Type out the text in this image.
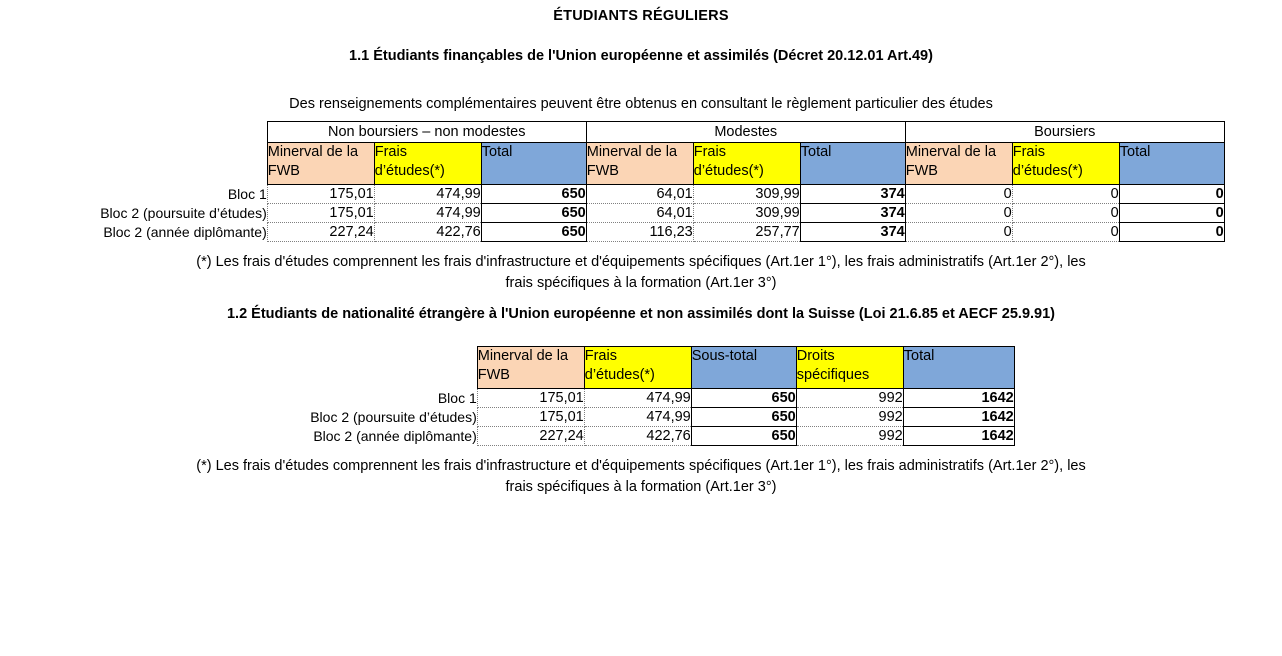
ÉTUDIANTS RÉGULIERS
1.1 Étudiants finançables de l'Union européenne et assimilés (Décret 20.12.01 Art.49)
Des renseignements complémentaires peuvent être obtenus en consultant le règlement particulier des études
	Non boursiers – non modestes			Modestes			Boursiers		
	Minerval de la FWB	Frais d’études(*)	Total	Minerval de la FWB	Frais d’études(*)	Total	Minerval de la FWB	Frais d’études(*)	Total
Bloc 1	175,01	474,99	650	64,01	309,99	374	0	0	0
Bloc 2 (poursuite d’études)	175,01	474,99	650	64,01	309,99	374	0	0	0
Bloc 2 (année diplômante)	227,24	422,76	650	116,23	257,77	374	0	0	0
(*) Les frais d'études comprennent les frais d'infrastructure et d'équipements spécifiques (Art.1er 1°), les frais administratifs (Art.1er 2°), les
frais spécifiques à la formation (Art.1er 3°)
1.2 Étudiants de nationalité étrangère à l'Union européenne et non assimilés dont la Suisse (Loi 21.6.85 et AECF 25.9.91)
	Minerval de la FWB	Frais d’études(*)	Sous-total	Droits spécifiques	Total
Bloc 1	175,01	474,99	650	992	1642
Bloc 2 (poursuite d’études)	175,01	474,99	650	992	1642
Bloc 2 (année diplômante)	227,24	422,76	650	992	1642
(*) Les frais d'études comprennent les frais d'infrastructure et d'équipements spécifiques (Art.1er 1°), les frais administratifs (Art.1er 2°), les
frais spécifiques à la formation (Art.1er 3°)
